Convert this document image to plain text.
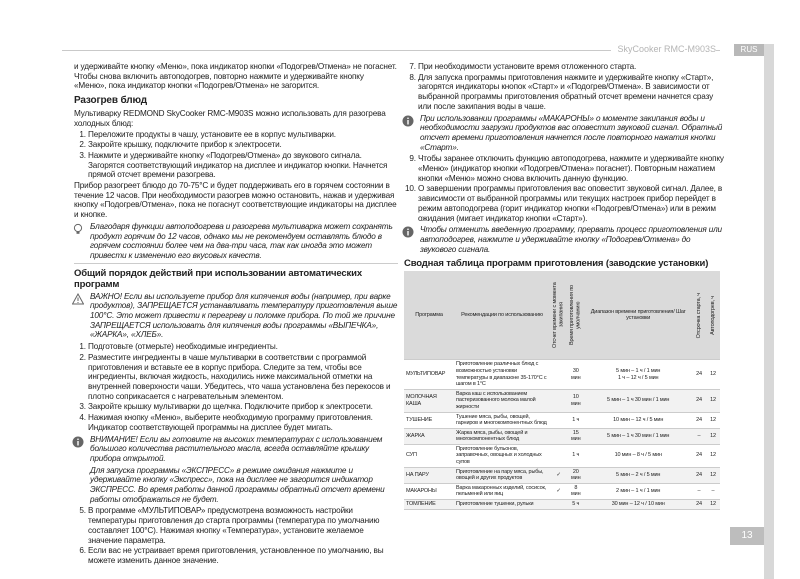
SkyCooker RMC-M903S	RUS
13

и удерживайте кнопку «Меню», пока индикатор кнопки «Подогрев/Отмена» не погаснет. Чтобы снова включить автоподогрев, повторно нажмите и удерживайте кнопку «Меню», пока индикатор кнопки «Подогрев/Отмена» не загорится.

Разогрев блюд

Мультиварку REDMOND SkyCooker RMC-M903S можно использовать для разогрева холодных блюд:

1. Переложите продукты в чашу, установите ее в корпус мультиварки.
2. Закройте крышку, подключите прибор к электросети.
3. Нажмите и удерживайте кнопку «Подогрев/Отмена» до звукового сигнала. Загорятся соответствующий индикатор на дисплее и индикатор кнопки. Начнется прямой отсчет времени разогрева.

Прибор разогреет блюдо до 70-75°С и будет поддерживать его в горячем состоянии в течение 12 часов. При необходимости разогрев можно остановить, нажав и удерживая кнопку «Подогрев/Отмена», пока не погаснут соответствующие индикаторы на дисплее и кнопке.

Благодаря функции автоподогрева и разогрева мультиварка может сохранять продукт горячим до 12 часов, однако мы не рекомендуем оставлять блюдо в горячем состоянии более чем на два-три часа, так как иногда это может привести к изменению его вкусовых качеств.
Общий порядок действий при использовании автоматических программ
ВАЖНО! Если вы используете прибор для кипячения воды (например, при варке продуктов), ЗАПРЕЩАЕТСЯ устанавливать температуру приготовления выше 100°С. Это может привести к перегреву и поломке прибора. По той же причине ЗАПРЕЩАЕТСЯ использовать для кипячения воды программы «ВЫПЕЧКА», «ЖАРКА», «ХЛЕБ».
1. Подготовьте (отмерьте) необходимые ингредиенты.
2. Разместите ингредиенты в чаше мультиварки в соответствии с программой приготовления и вставьте ее в корпус прибора. Следите за тем, чтобы все ингредиенты, включая жидкость, находились ниже максимальной отметки на внутренней поверхности чаши. Убедитесь, что чаша установлена без перекосов и плотно соприкасается с нагревательным элементом.
3. Закройте крышку мультиварки до щелчка. Подключите прибор к электросети.
4. Нажимая кнопку «Меню», выберите необходимую программу приготовления. Индикатор соответствующей программы на дисплее будет мигать.
ВНИМАНИЕ! Если вы готовите на высоких температурах с использованием большого количества растительного масла, всегда оставляйте крышку прибора открытой.
Для запуска программы «ЭКСПРЕСС» в режиме ожидания нажмите и удерживайте кнопку «Экспресс», пока на дисплее не загорится индикатор ЭКСПРЕСС. Во время работы данной программы обратный отсчет времени работы отображаться не будет.
5. В программе «МУЛЬТИПОВАР» предусмотрена возможность настройки температуры приготовления до старта программы (температура по умолчанию составляет 100°С). Нажимая кнопку «Температура», установите желаемое значение параметра.
6. Если вас не устраивает время приготовления, установленное по умолчанию, вы можете изменить данное значение.
7. При необходимости установите время отложенного старта.
8. Для запуска программы приготовления нажмите и удерживайте кнопку «Старт», загорятся индикаторы кнопок «Старт» и «Подогрев/Отмена». В зависимости от выбранной программы приготовления обратный отсчет времени начнется сразу или после закипания воды в чаше.
При использовании программы «МАКАРОНЫ» о моменте закипания воды и необходимости загрузки продуктов вас оповестит звуковой сигнал. Обратный отсчет времени приготовления начнется после повторного нажатия кнопки «Старт».
9. Чтобы заранее отключить функцию автоподогрева, нажмите и удерживайте кнопку «Меню» (индикатор кнопки «Подогрев/Отмена» погаснет). Повторным нажатием кнопки «Меню» можно снова включить данную функцию.
10. О завершении программы приготовления вас оповестит звуковой сигнал. Далее, в зависимости от выбранной программы или текущих настроек прибор перейдет в режим автоподогрева (горит индикатор кнопки «Подогрев/Отмена») или в режим ожидания (мигает индикатор кнопки «Старт»).
Чтобы отменить введенную программу, прервать процесс приготовления или автоподогрев, нажмите и удерживайте кнопку «Подогрев/Отмена» до звукового сигнала.
Сводная таблица программ приготовления (заводские установки)
Программа	Рекомендации по использованию	Отсчет времени с момента закипания	Время приготовления по умолчанию	Диапазон времени приготовления/ Шаг установки	Отсрочка старта, ч	Автоподогрев, ч

МУЛЬТИПОВАР	Приготовление различных блюд с возможностью установки температуры в диапазоне 35-170°С с шагом в 1°С		30 мин	5 мин – 1 ч / 1 мин
1 ч – 12 ч / 5 мин	24	12
МОЛОЧНАЯ КАША	Варка каш с использованием пастеризованного молока малой жирности		10 мин	5 мин – 1 ч 30 мин / 1 мин	24	12
ТУШЕНИЕ	Тушение мяса, рыбы, овощей, гарниров и многокомпонентных блюд		1 ч	10 мин – 12 ч / 5 мин	24	12
ЖАРКА	Жарка мяса, рыбы, овощей и многокомпонентных блюд		15 мин	5 мин – 1 ч 30 мин / 1 мин	–	12
СУП	Приготовление бульонов, заправочных, овощных и холодных супов		1 ч	10 мин – 8 ч / 5 мин	24	12
НА ПАРУ	Приготовление на пару мяса, рыбы, овощей и других продуктов	✓	20 мин	5 мин – 2 ч / 5 мин	24	12
МАКАРОНЫ	Варка макаронных изделий, сосисок, пельменей или яиц	✓	8 мин	2 мин – 1 ч / 1 мин	–	–
ТОМЛЕНИЕ	Приготовление тушенки, рульки		5 ч	30 мин – 12 ч / 10 мин	24	12
